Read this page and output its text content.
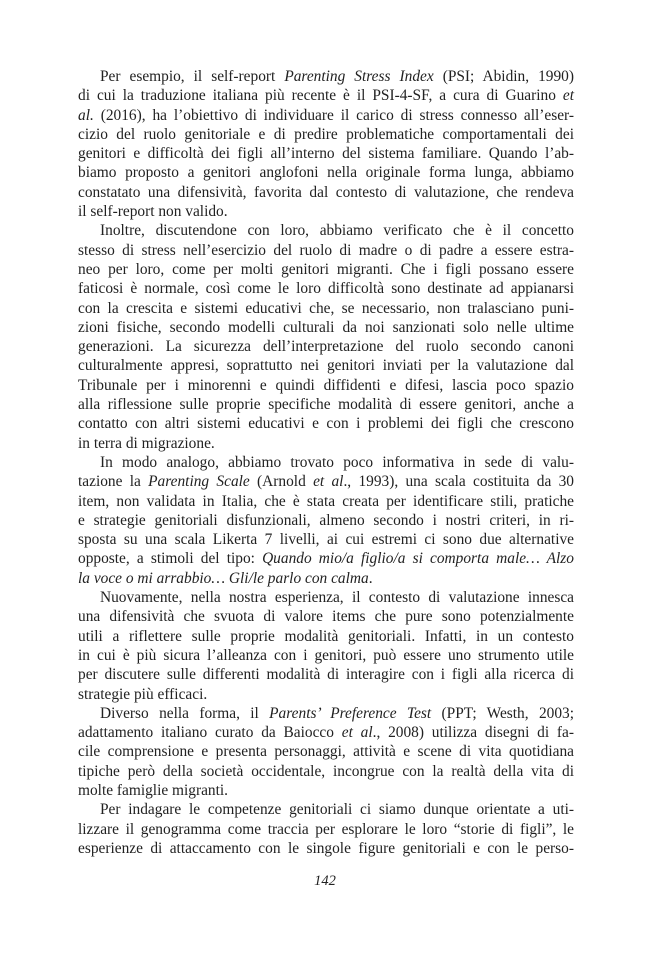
Per esempio, il self-report Parenting Stress Index (PSI; Abidin, 1990)
di cui la traduzione italiana più recente è il PSI-4-SF, a cura di Guarino et
al. (2016), ha l’obiettivo di individuare il carico di stress connesso all’eser-
cizio del ruolo genitoriale e di predire problematiche comportamentali dei
genitori e difficoltà dei figli all’interno del sistema familiare. Quando l’ab-
biamo proposto a genitori anglofoni nella originale forma lunga, abbiamo
constatato una difensività, favorita dal contesto di valutazione, che rendeva
il self-report non valido.
Inoltre, discutendone con loro, abbiamo verificato che è il concetto
stesso di stress nell’esercizio del ruolo di madre o di padre a essere estra-
neo per loro, come per molti genitori migranti. Che i figli possano essere
faticosi è normale, così come le loro difficoltà sono destinate ad appianarsi
con la crescita e sistemi educativi che, se necessario, non tralasciano puni-
zioni fisiche, secondo modelli culturali da noi sanzionati solo nelle ultime
generazioni. La sicurezza dell’interpretazione del ruolo secondo canoni
culturalmente appresi, soprattutto nei genitori inviati per la valutazione dal
Tribunale per i minorenni e quindi diffidenti e difesi, lascia poco spazio
alla riflessione sulle proprie specifiche modalità di essere genitori, anche a
contatto con altri sistemi educativi e con i problemi dei figli che crescono
in terra di migrazione.
In modo analogo, abbiamo trovato poco informativa in sede di valu-
tazione la Parenting Scale (Arnold et al., 1993), una scala costituita da 30
item, non validata in Italia, che è stata creata per identificare stili, pratiche
e strategie genitoriali disfunzionali, almeno secondo i nostri criteri, in ri-
sposta su una scala Likerta 7 livelli, ai cui estremi ci sono due alternative
opposte, a stimoli del tipo: Quando mio/a figlio/a si comporta male… Alzo
la voce o mi arrabbio… Gli/le parlo con calma.
Nuovamente, nella nostra esperienza, il contesto di valutazione innesca
una difensività che svuota di valore items che pure sono potenzialmente
utili a riflettere sulle proprie modalità genitoriali. Infatti, in un contesto
in cui è più sicura l’alleanza con i genitori, può essere uno strumento utile
per discutere sulle differenti modalità di interagire con i figli alla ricerca di
strategie più efficaci.
Diverso nella forma, il Parents’ Preference Test (PPT; Westh, 2003;
adattamento italiano curato da Baiocco et al., 2008) utilizza disegni di fa-
cile comprensione e presenta personaggi, attività e scene di vita quotidiana
tipiche però della società occidentale, incongrue con la realtà della vita di
molte famiglie migranti.
Per indagare le competenze genitoriali ci siamo dunque orientate a uti-
lizzare il genogramma come traccia per esplorare le loro “storie di figli”, le
esperienze di attaccamento con le singole figure genitoriali e con le perso-
142
